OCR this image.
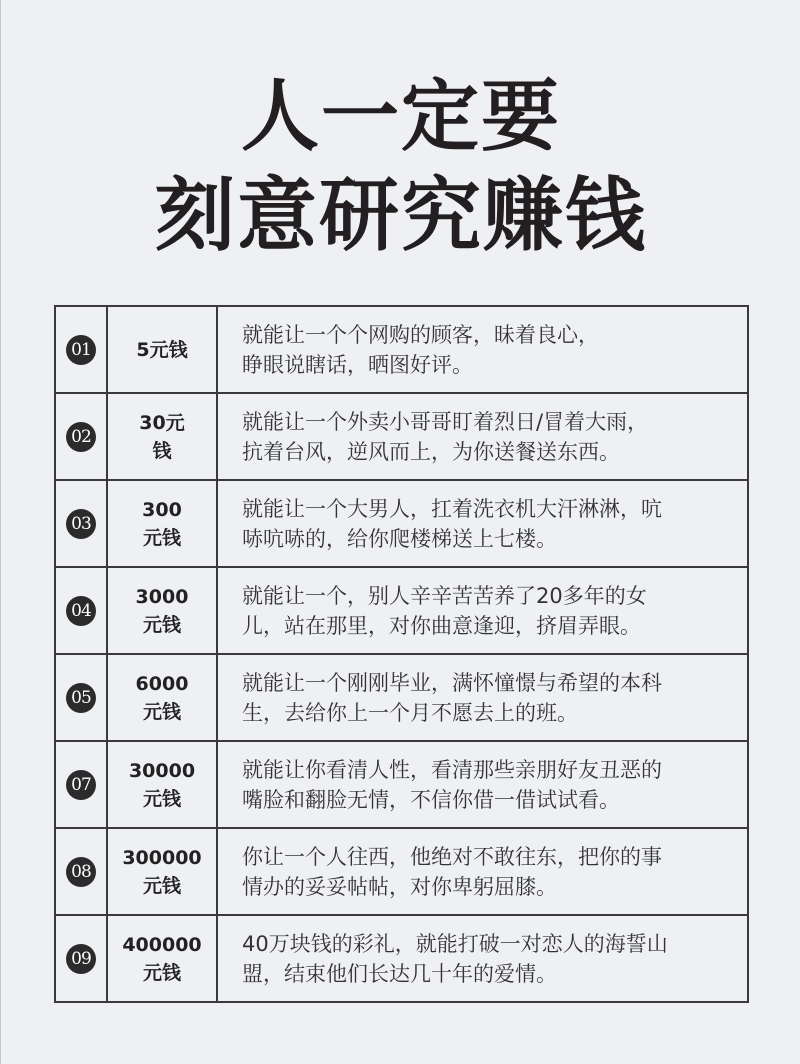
人一定要
刻意研究赚钱
01	5元钱	就能让一个个网购的顾客，昧着良心，
睁眼说瞎话，晒图好评。

02	30元
钱	就能让一个外卖小哥哥盯着烈日/冒着大雨，
抗着台风，逆风而上，为你送餐送东西。

03	300
元钱	就能让一个大男人，扛着洗衣机大汗淋淋，吭
哧吭哧的，给你爬楼梯送上七楼。

04	3000
元钱	就能让一个，别人辛辛苦苦养了20多年的女
儿，站在那里，对你曲意逢迎，挤眉弄眼。

05	6000
元钱	就能让一个刚刚毕业，满怀憧憬与希望的本科
生，去给你上一个月不愿去上的班。

07	30000
元钱	就能让你看清人性，看清那些亲朋好友丑恶的
嘴脸和翻脸无情，不信你借一借试试看。

08	300000
元钱	你让一个人往西，他绝对不敢往东，把你的事
情办的妥妥帖帖，对你卑躬屈膝。

09	400000
元钱	40万块钱的彩礼，就能打破一对恋人的海誓山
盟，结束他们长达几十年的爱情。
